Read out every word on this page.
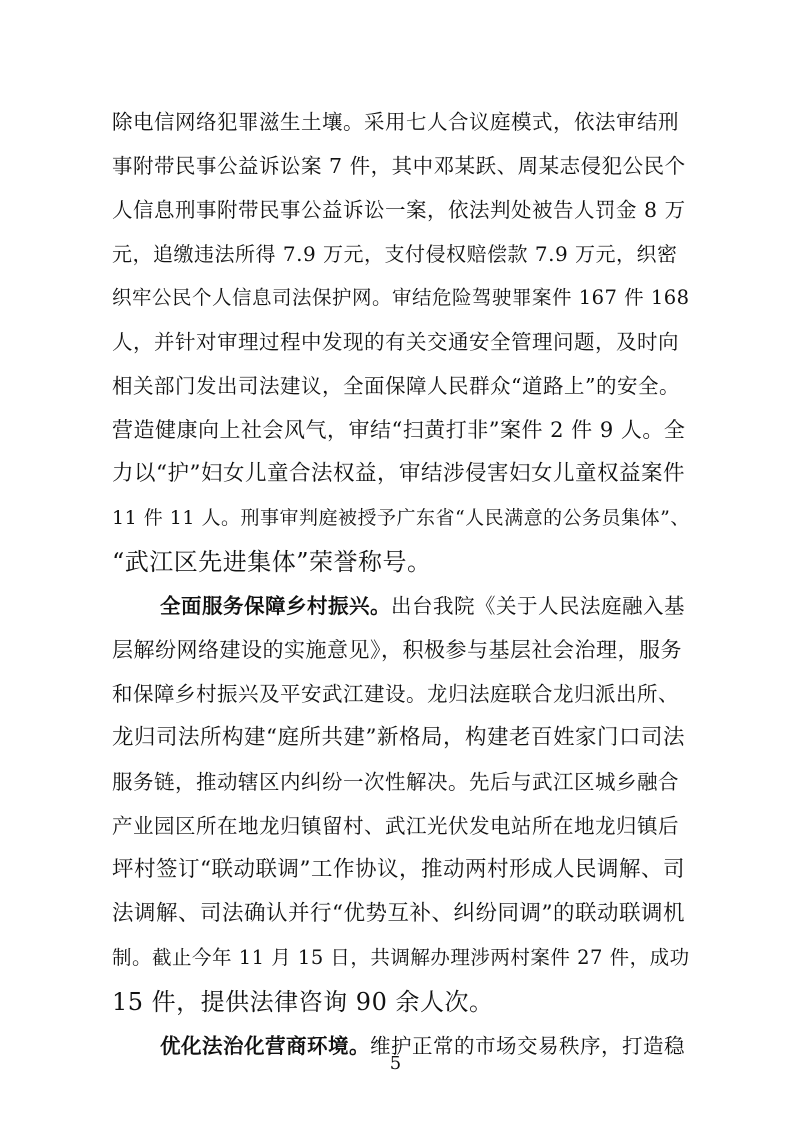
除电信网络犯罪滋生土壤。采用七人合议庭模式，依法审结刑
事附带民事公益诉讼案 7 件，其中邓某跃、周某志侵犯公民个
人信息刑事附带民事公益诉讼一案，依法判处被告人罚金 8 万
元，追缴违法所得 7.9 万元，支付侵权赔偿款 7.9 万元，织密
织牢公民个人信息司法保护网。审结危险驾驶罪案件 167 件 168
人，并针对审理过程中发现的有关交通安全管理问题，及时向
相关部门发出司法建议，全面保障人民群众“道路上”的安全。
营造健康向上社会风气，审结“扫黄打非”案件 2 件 9 人。全
力以“护”妇女儿童合法权益，审结涉侵害妇女儿童权益案件
11 件 11 人。刑事审判庭被授予广东省“人民满意的公务员集体”、
“武江区先进集体”荣誉称号。
全面服务保障乡村振兴。出台我院《关于人民法庭融入基
层解纷网络建设的实施意见》，积极参与基层社会治理，服务
和保障乡村振兴及平安武江建设。龙归法庭联合龙归派出所、
龙归司法所构建“庭所共建”新格局，构建老百姓家门口司法
服务链，推动辖区内纠纷一次性解决。先后与武江区城乡融合
产业园区所在地龙归镇留村、武江光伏发电站所在地龙归镇后
坪村签订“联动联调”工作协议，推动两村形成人民调解、司
法调解、司法确认并行“优势互补、纠纷同调”的联动联调机
制。截止今年 11 月 15 日，共调解办理涉两村案件 27 件，成功
15 件，提供法律咨询 90 余人次。
优化法治化营商环境。维护正常的市场交易秩序，打造稳
5
